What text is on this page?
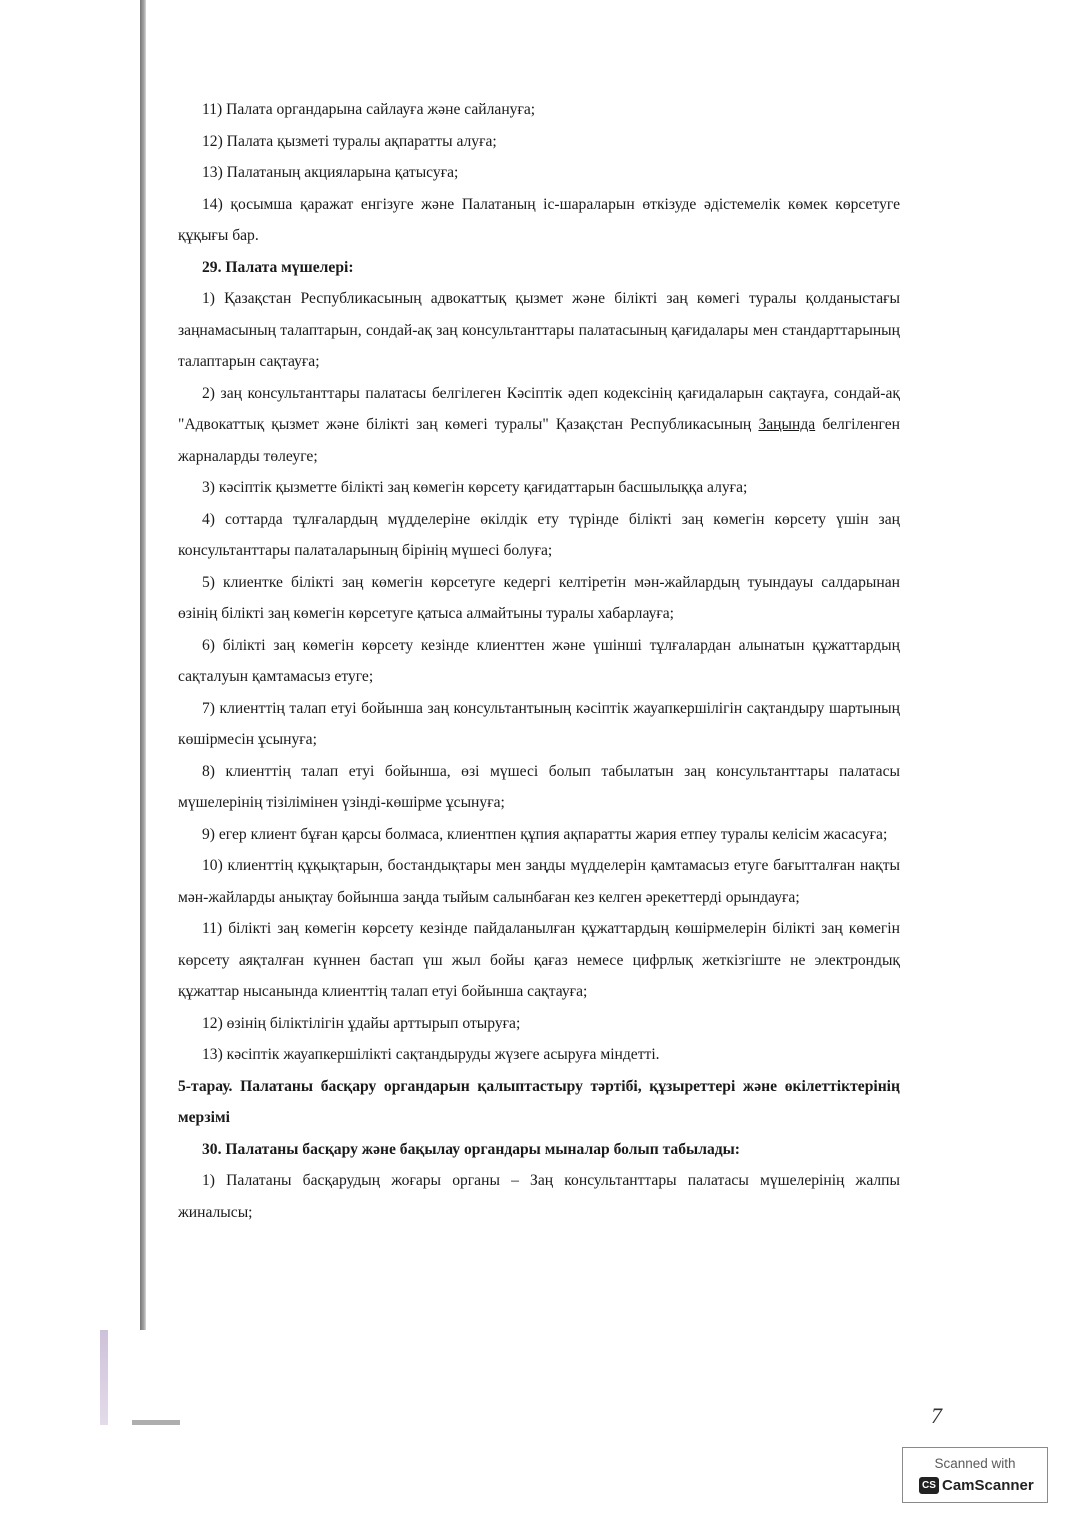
11) Палата органдарына сайлауға және сайлануға;

12) Палата қызметі туралы ақпаратты алуға;

13) Палатаның акцияларына қатысуға;

14) қосымша қаражат енгізуге және Палатаның іс-шараларын өткізуде әдістемелік көмек көрсетуге құқығы бар.

29. Палата мүшелері:

1) Қазақстан Республикасының адвокаттық қызмет және білікті заң көмегі туралы қолданыстағы заңнамасының талаптарын, сондай-ақ заң консультанттары палатасының қағидалары мен стандарттарының талаптарын сақтауға;

2) заң консультанттары палатасы белгілеген Кәсіптік әдеп кодексінің қағидаларын сақтауға, сондай-ақ "Адвокаттық қызмет және білікті заң көмегі туралы" Қазақстан Республикасының Заңында белгіленген жарналарды төлеуге;

3) кәсіптік қызметте білікті заң көмегін көрсету қағидаттарын басшылыққа алуға;

4) соттарда тұлғалардың мүдделеріне өкілдік ету түрінде білікті заң көмегін көрсету үшін заң консультанттары палаталарының бірінің мүшесі болуға;

5) клиентке білікті заң көмегін көрсетуге кедергі келтіретін мән-жайлардың туындауы салдарынан өзінің білікті заң көмегін көрсетуге қатыса алмайтыны туралы хабарлауға;

6) білікті заң көмегін көрсету кезінде клиенттен және үшінші тұлғалардан алынатын құжаттардың сақталуын қамтамасыз етуге;

7) клиенттің талап етуі бойынша заң консультантының кәсіптік жауапкершілігін сақтандыру шартының көшірмесін ұсынуға;

8) клиенттің талап етуі бойынша, өзі мүшесі болып табылатын заң консультанттары палатасы мүшелерінің тізілімінен үзінді-көшірме ұсынуға;

9) егер клиент бұған қарсы болмаса, клиентпен құпия ақпаратты жария етпеу туралы келісім жасасуға;

10) клиенттің құқықтарын, бостандықтары мен заңды мүдделерін қамтамасыз етуге бағытталған нақты мән-жайларды анықтау бойынша заңда тыйым салынбаған кез келген әрекеттерді орындауға;

11) білікті заң көмегін көрсету кезінде пайдаланылған құжаттардың көшірмелерін білікті заң көмегін көрсету аяқталған күннен бастап үш жыл бойы қағаз немесе цифрлық жеткізгіште не электрондық құжаттар нысанында клиенттің талап етуі бойынша сақтауға;

12) өзінің біліктілігін ұдайы арттырып отыруға;

13) кәсіптік жауапкершілікті сақтандыруды жүзеге асыруға міндетті.

5-тарау. Палатаны басқару органдарын қалыптастыру тәртібі, құзыреттері және өкілеттіктерінің мерзімі

30. Палатаны басқару және бақылау органдары мыналар болып табылады:

1) Палатаны басқарудың жоғары органы – Заң консультанттары палатасы мүшелерінің жалпы жиналысы;

7
Scanned with
CS CamScanner
